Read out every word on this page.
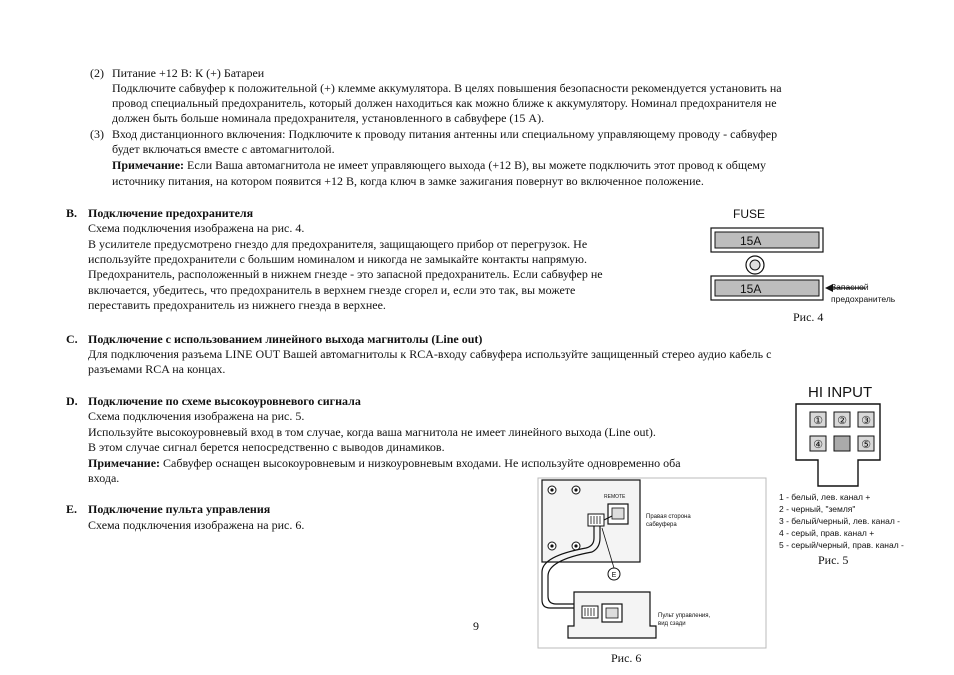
(2) Питание +12 В: К (+) Батареи
Подключите сабвуфер к положительной (+) клемме аккумулятора. В целях повышения безопасности рекомендуется установить на
провод специальный предохранитель, который должен находиться как можно ближе к аккумулятору. Номинал предохранителя не
должен быть больше номинала предохранителя, установленного в сабвуфере (15 А).
(3) Вход дистанционного включения: Подключите к проводу питания антенны или специальному управляющему проводу - сабвуфер
будет включаться вместе с автомагнитолой.
Примечание: Если Ваша автомагнитола не имеет управляющего выхода (+12 В), вы можете подключить этот провод к общему
источнику питания, на котором появится +12 В, когда ключ в замке зажигания повернут во включенное положение.
B. Подключение предохранителя
Схема подключения изображена на рис. 4.
В усилителе предусмотрено гнездо для предохранителя, защищающего прибор от перегрузок. Не
используйте предохранители с большим номиналом и никогда не замыкайте контакты напрямую.
Предохранитель, расположенный в нижнем гнезде - это запасной предохранитель. Если сабвуфер не
включается, убедитесь, что предохранитель в верхнем гнезде сгорел и, если это так, вы можете
переставить предохранитель из нижнего гнезда в верхнее.
FUSE
15A
15A	Запасной
предохранитель
Рис. 4
C. Подключение с использованием линейного выхода магнитолы (Line out)
Для подключения разъема LINE OUT Вашей автомагнитолы к RCA-входу сабвуфера используйте защищенный стерео аудио кабель с
разъемами RCA на концах.
D. Подключение по схеме высокоуровневого сигнала
Схема подключения изображена на рис. 5.
Используйте высокоуровневый вход в том случае, когда ваша магнитола не имеет линейного выхода (Line out).
В этом случае сигнал берется непосредственно с выводов динамиков.
Примечание: Сабвуфер оснащен высокоуровневым и низкоуровневым входами. Не используйте одновременно оба
входа.
HI INPUT
① ② ③
④	⑤
1 - белый, лев. канал +
2 - черный, "земля"
3 - белый/черный, лев. канал -
4 - серый, прав. канал +
5 - серый/черный, прав. канал -
Рис. 5
E. Подключение пульта управления
Схема подключения изображена на рис. 6.
REMOTE
Правая сторона
сабвуфера
E
Пульт управления,
вид сзади
Рис. 6
9
